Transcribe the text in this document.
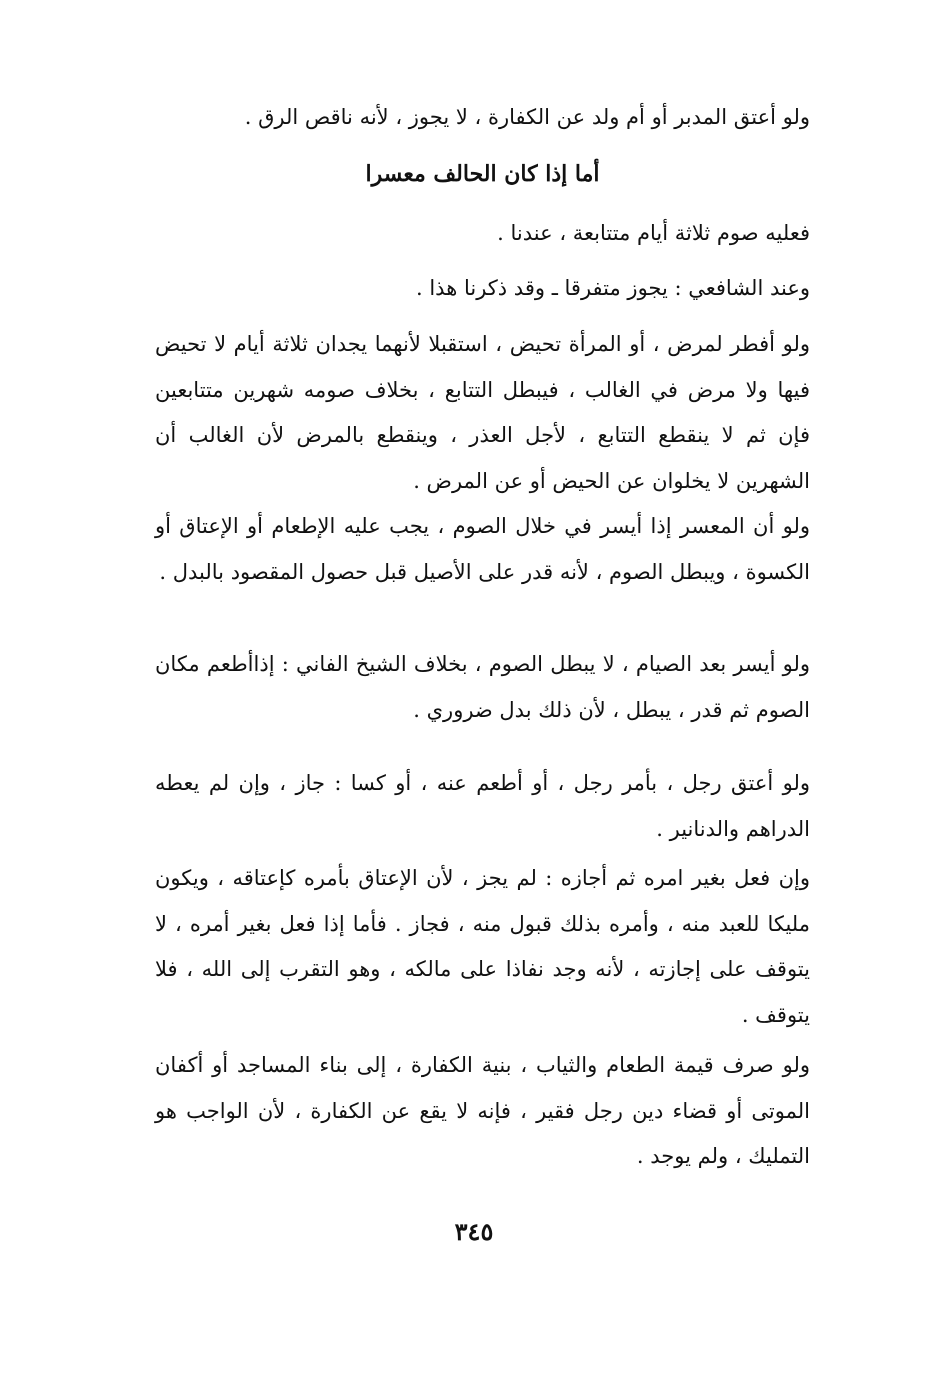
ولو أعتق المدبر أو أم ولد عن الكفارة ، لا يجوز ، لأنه ناقص الرق .

أما إذا كان الحالف معسرا

فعليه صوم ثلاثة أيام متتابعة ، عندنا .

وعند الشافعي : يجوز متفرقا ـ وقد ذكرنا هذا .

ولو أفطر لمرض ، أو المرأة تحيض ، استقبلا لأنهما يجدان ثلاثة أيام لا تحيض فيها ولا مرض في الغالب ، فيبطل التتابع ، بخلاف صومه شهرين متتابعين فإن ثم لا ينقطع التتابع ، لأجل العذر ، وينقطع بالمرض لأن الغالب أن الشهرين لا يخلوان عن الحيض أو عن المرض .

ولو أن المعسر إذا أيسر في خلال الصوم ، يجب عليه الإطعام أو الإعتاق أو الكسوة ، ويبطل الصوم ، لأنه قدر على الأصيل قبل حصول المقصود بالبدل .

ولو أيسر بعد الصيام ، لا يبطل الصوم ، بخلاف الشيخ الفاني : إذاأطعم مكان الصوم ثم قدر ، يبطل ، لأن ذلك بدل ضروري .

ولو أعتق رجل ، بأمر رجل ، أو أطعم عنه ، أو كسا : جاز ، وإن لم يعطه الدراهم والدنانير .

وإن فعل بغير امره ثم أجازه : لم يجز ، لأن الإعتاق بأمره كإعتاقه ، ويكون مليكا للعبد منه ، وأمره بذلك قبول منه ، فجاز . فأما إذا فعل بغير أمره ، لا يتوقف على إجازته ، لأنه وجد نفاذا على مالكه ، وهو التقرب إلى الله ، فلا يتوقف .

ولو صرف قيمة الطعام والثياب ، بنية الكفارة ، إلى بناء المساجد أو أكفان الموتى أو قضاء دين رجل فقير ، فإنه لا يقع عن الكفارة ، لأن الواجب هو التمليك ، ولم يوجد .

٣٤٥
